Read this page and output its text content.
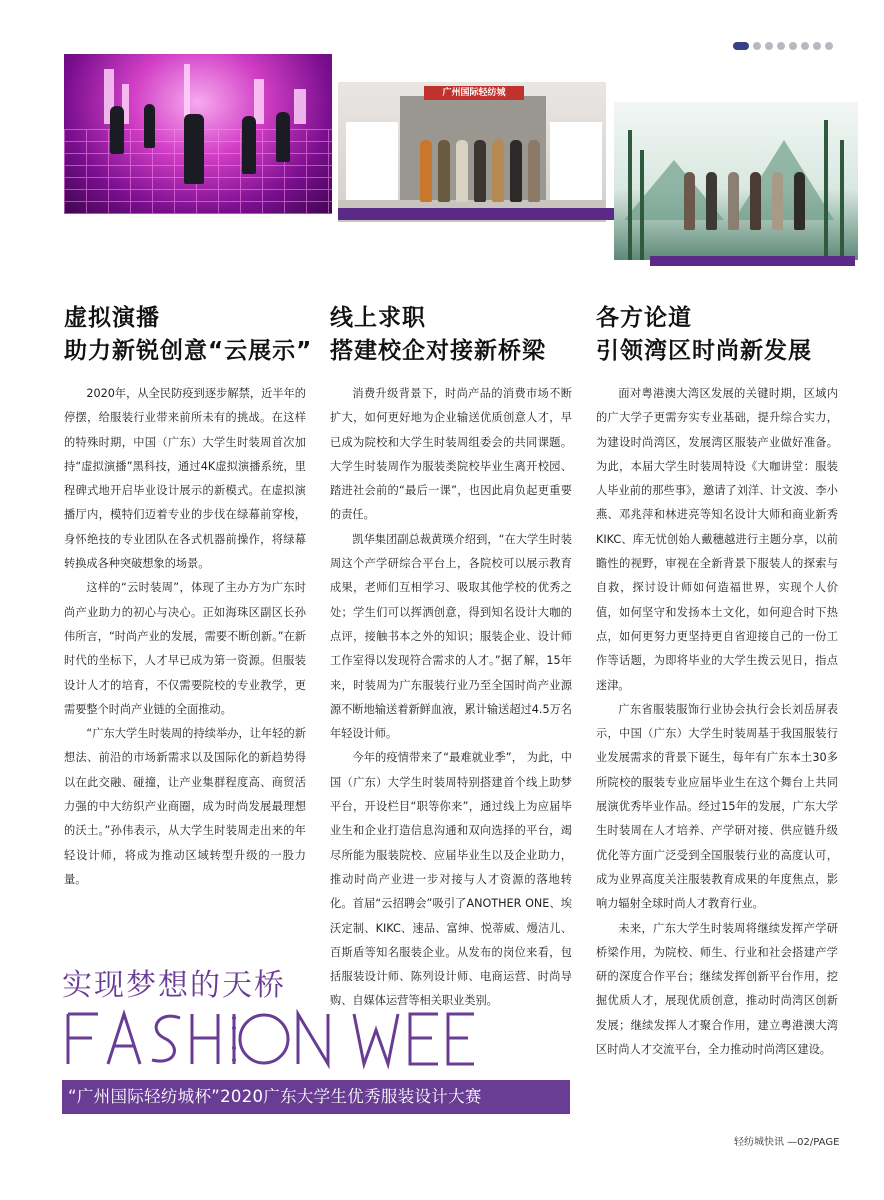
广州国际轻纺城
虚拟演播
助力新锐创意“云展示”
线上求职
搭建校企对接新桥梁
各方论道
引领湾区时尚新发展

2020年，从全民防疫到逐步解禁，近半年的停摆，给服装行业带来前所未有的挑战。在这样的特殊时期，中国（广东）大学生时装周首次加持“虚拟演播”黑科技，通过4K虚拟演播系统，里程碑式地开启毕业设计展示的新模式。在虚拟演播厅内，模特们迈着专业的步伐在绿幕前穿梭，身怀绝技的专业团队在各式机器前操作，将绿幕转换成各种突破想象的场景。

这样的“云时装周”，体现了主办方为广东时尚产业助力的初心与决心。正如海珠区副区长孙伟所言，“时尚产业的发展，需要不断创新。”在新时代的坐标下，人才早已成为第一资源。但服装设计人才的培育，不仅需要院校的专业教学，更需要整个时尚产业链的全面推动。

“广东大学生时装周的持续举办，让年轻的新想法、前沿的市场新需求以及国际化的新趋势得以在此交融、碰撞，让产业集群程度高、商贸活力强的中大纺织产业商圈，成为时尚发展最理想的沃土。”孙伟表示，从大学生时装周走出来的年轻设计师，将成为推动区域转型升级的一股力量。

消费升级背景下，时尚产品的消费市场不断扩大，如何更好地为企业输送优质创意人才，早已成为院校和大学生时装周组委会的共同课题。大学生时装周作为服装类院校毕业生离开校园、踏进社会前的“最后一课”，也因此肩负起更重要的责任。

凯华集团副总裁黄瑛介绍到，“在大学生时装周这个产学研综合平台上，各院校可以展示教育成果，老师们互相学习、吸取其他学校的优秀之处；学生们可以挥洒创意，得到知名设计大咖的点评，接触书本之外的知识；服装企业、设计师工作室得以发现符合需求的人才。”据了解，15年来，时装周为广东服装行业乃至全国时尚产业源源不断地输送着新鲜血液，累计输送超过4.5万名年轻设计师。

今年的疫情带来了“最难就业季”， 为此，中国（广东）大学生时装周特别搭建首个线上助梦平台，开设栏目“职等你来”，通过线上为应届毕业生和企业打造信息沟通和双向选择的平台，竭尽所能为服装院校、应届毕业生以及企业助力，推动时尚产业进一步对接与人才资源的落地转化。首届“云招聘会”吸引了ANOTHER ONE、埃沃定制、KIKC、速品、富绅、悦蒂威、熳洁儿、百斯盾等知名服装企业。从发布的岗位来看，包括服装设计师、陈列设计师、电商运营、时尚导购、自媒体运营等相关职业类别。

面对粤港澳大湾区发展的关键时期，区域内的广大学子更需夯实专业基础，提升综合实力，为建设时尚湾区，发展湾区服装产业做好准备。为此，本届大学生时装周特设《大咖讲堂：服装人毕业前的那些事》，邀请了刘洋、计文波、李小燕、邓兆萍和林进亮等知名设计大师和商业新秀KIKC、库无忧创始人戴穗越进行主题分享，以前瞻性的视野，审视在全新背景下服装人的探索与自救，探讨设计师如何造福世界，实现个人价值，如何坚守和发扬本土文化，如何迎合时下热点，如何更努力更坚持更自省迎接自己的一份工作等话题，为即将毕业的大学生拨云见日，指点迷津。

广东省服装服饰行业协会执行会长刘岳屏表示，中国（广东）大学生时装周基于我国服装行业发展需求的背景下诞生，每年有广东本土30多所院校的服装专业应届毕业生在这个舞台上共同展演优秀毕业作品。经过15年的发展，广东大学生时装周在人才培养、产学研对接、供应链升级优化等方面广泛受到全国服装行业的高度认可，成为业界高度关注服装教育成果的年度焦点，影响力辐射全球时尚人才教育行业。

未来，广东大学生时装周将继续发挥产学研桥梁作用，为院校、师生、行业和社会搭建产学研的深度合作平台；继续发挥创新平台作用，挖掘优质人才，展现优质创意，推动时尚湾区创新发展；继续发挥人才聚合作用，建立粤港澳大湾区时尚人才交流平台，全力推动时尚湾区建设。

实现梦想的天桥
FASHION WEEK
“广州国际轻纺城杯”2020广东大学生优秀服装设计大赛
轻纺城快讯 —02/PAGE
